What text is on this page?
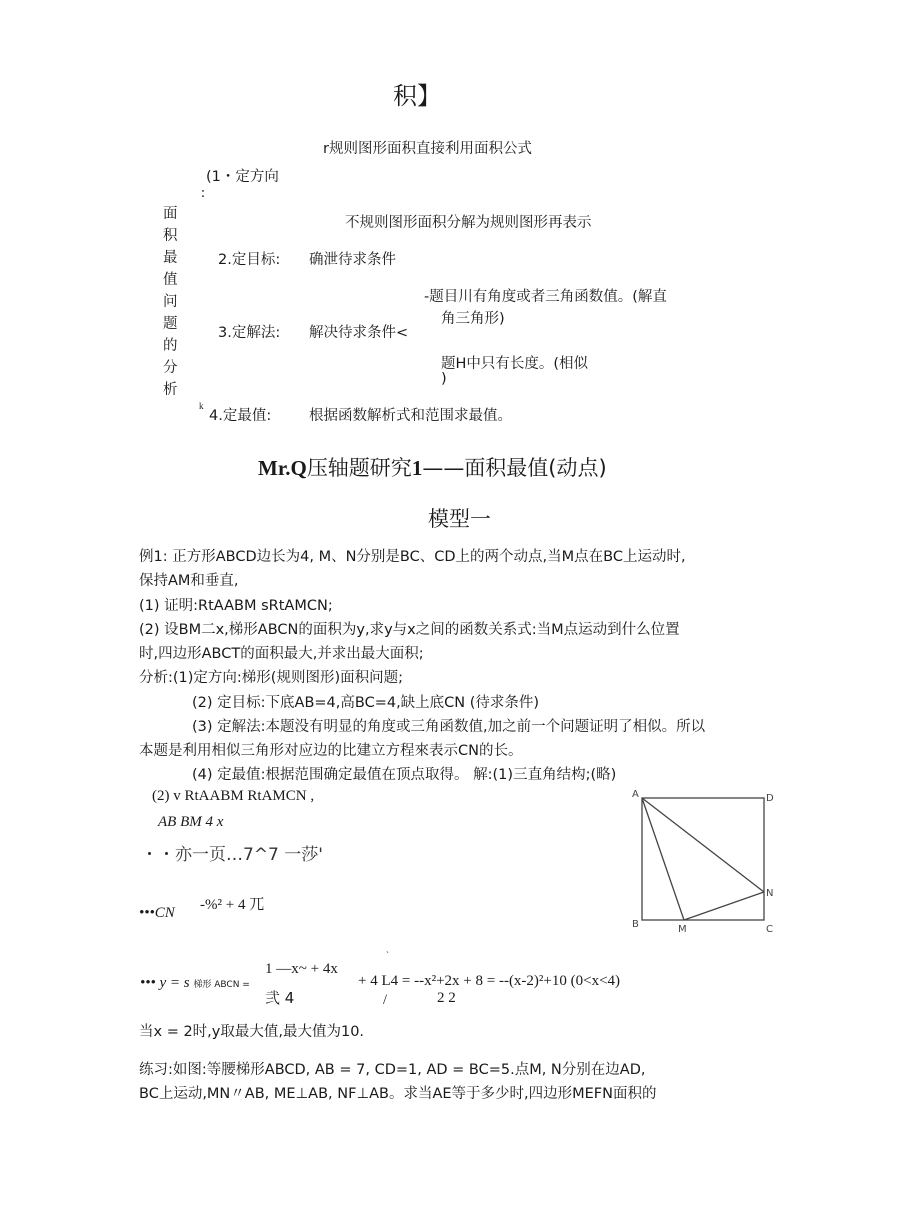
积】
r规则图形面积直接利用面积公式
(1・定方向
:
不规则图形面积分解为规则图形再表示
面
积
最
值
问
题
的
分
析
2.定目标: 确泄待求条件
-题目川有角度或者三角函数值。(解直
角三角形)
3.定解法: 解决待求条件<
题H中只有长度。(相似
)
k
4.定最值:	根据函数解析式和范围求最值。
Mr.Q压轴题研究1——面积最值(动点)
模型一
例1: 正方形ABCD边长为4, M、N分别是BC、CD上的两个动点,当M点在BC上运动时,
保持AM和垂直,
(1) 证明:RtAABM sRtAMCN;
(2) 设BM二x,梯形ABCN的面积为y,求y与x之间的函数关系式:当M点运动到什么位置
时,四边形ABCT的面积最大,并求出最大面积;
分析:(1)定方向:梯形(规则图形)面积问题;
(2) 定目标:下底AB=4,高BC=4,缺上底CN (待求条件)
(3) 定解法:本题没有明显的角度或三角函数值,加之前一个问题证明了相似。所以
本题是利用相似三角形对应边的比建立方程來表示CN的长。
(4) 定最值:根据范围确定最值在顶点取得。 解:(1)三直角结构;(略)
(2) v RtAABM RtAMCN ,
AB BM 4 x
・・亦一页…7^7 一莎'
•••CN -%² + 4 兀
••• y = s 梯形 ABCN =
1 —x~ + 4x
弐 4
`
+ 4 L4 = --x²+2x + 8 = --(x-2)²+10 (0<x<4)
/	2 2
当x = 2时,y取最大值,最大值为10.
练习:如图:等腰梯形ABCD, AB = 7, CD=1, AD = BC=5.点M, N分别在边AD,
BC上运动,MN〃AB, ME⊥AB, NF⊥AB。求当AE等于多少时,四边形MEFN面积的
A	D
B	M
N
C
